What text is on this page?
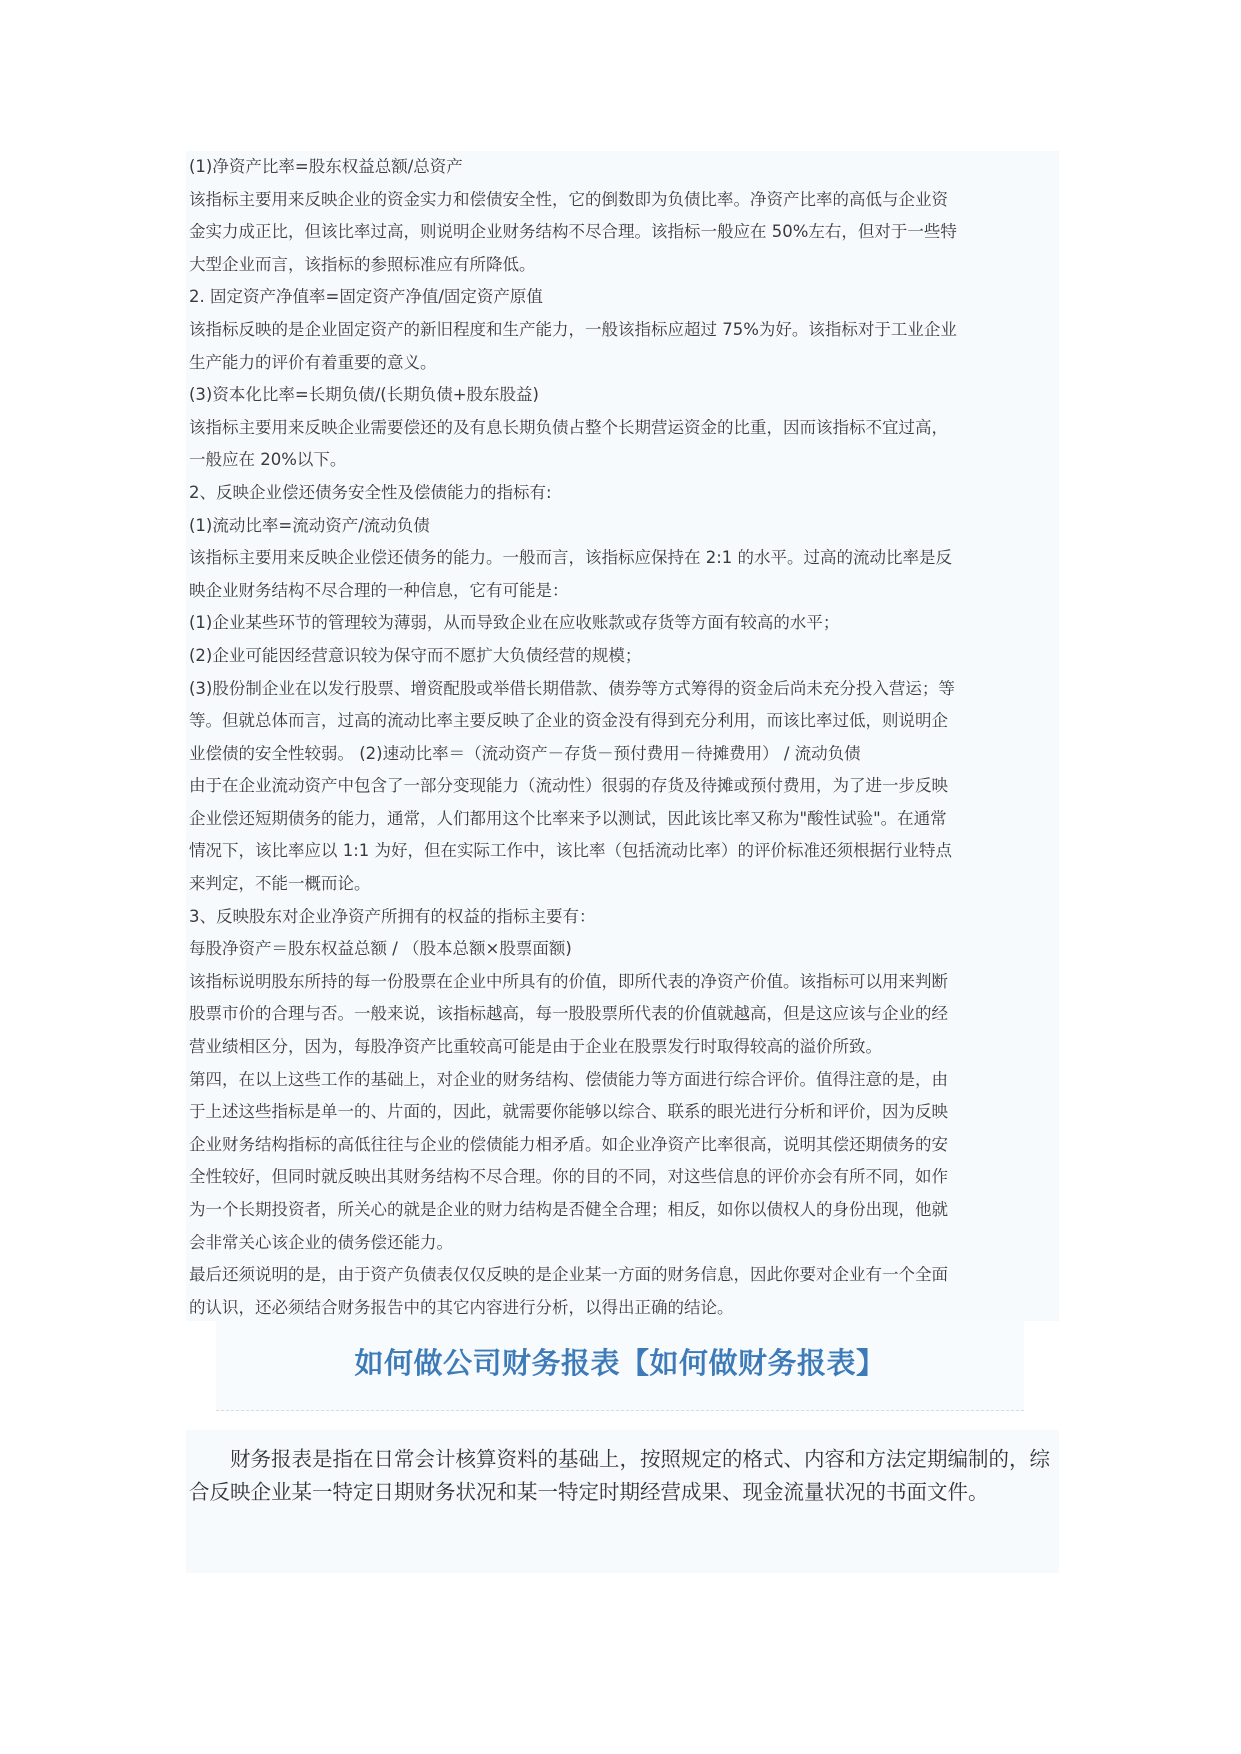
(1)净资产比率=股东权益总额/总资产

该指标主要用来反映企业的资金实力和偿债安全性，它的倒数即为负债比率。净资产比率的高低与企业资

金实力成正比，但该比率过高，则说明企业财务结构不尽合理。该指标一般应在 50%左右，但对于一些特

大型企业而言，该指标的参照标准应有所降低。

2. 固定资产净值率=固定资产净值/固定资产原值

该指标反映的是企业固定资产的新旧程度和生产能力，一般该指标应超过 75%为好。该指标对于工业企业

生产能力的评价有着重要的意义。

(3)资本化比率=长期负债/(长期负债+股东股益)

该指标主要用来反映企业需要偿还的及有息长期负债占整个长期营运资金的比重，因而该指标不宜过高，

一般应在 20%以下。

2、反映企业偿还债务安全性及偿债能力的指标有:

(1)流动比率=流动资产/流动负债

该指标主要用来反映企业偿还债务的能力。一般而言，该指标应保持在 2:1 的水平。过高的流动比率是反

映企业财务结构不尽合理的一种信息，它有可能是：

(1)企业某些环节的管理较为薄弱，从而导致企业在应收账款或存货等方面有较高的水平；

(2)企业可能因经营意识较为保守而不愿扩大负债经营的规模；

(3)股份制企业在以发行股票、增资配股或举借长期借款、债券等方式筹得的资金后尚未充分投入营运；等

等。但就总体而言，过高的流动比率主要反映了企业的资金没有得到充分利用，而该比率过低，则说明企

业偿债的安全性较弱。 (2)速动比率＝（流动资产－存货－预付费用－待摊费用） / 流动负债

由于在企业流动资产中包含了一部分变现能力（流动性）很弱的存货及待摊或预付费用，为了进一步反映

企业偿还短期债务的能力，通常，人们都用这个比率来予以测试，因此该比率又称为"酸性试验"。在通常

情况下，该比率应以 1:1 为好，但在实际工作中，该比率（包括流动比率）的评价标准还须根据行业特点

来判定，不能一概而论。

3、反映股东对企业净资产所拥有的权益的指标主要有：

每股净资产＝股东权益总额 / （股本总额×股票面额)

该指标说明股东所持的每一份股票在企业中所具有的价值，即所代表的净资产价值。该指标可以用来判断

股票市价的合理与否。一般来说，该指标越高，每一股股票所代表的价值就越高，但是这应该与企业的经

营业绩相区分，因为，每股净资产比重较高可能是由于企业在股票发行时取得较高的溢价所致。

第四，在以上这些工作的基础上，对企业的财务结构、偿债能力等方面进行综合评价。值得注意的是，由

于上述这些指标是单一的、片面的，因此，就需要你能够以综合、联系的眼光进行分析和评价，因为反映

企业财务结构指标的高低往往与企业的偿债能力相矛盾。如企业净资产比率很高，说明其偿还期债务的安

全性较好，但同时就反映出其财务结构不尽合理。你的目的不同，对这些信息的评价亦会有所不同，如作

为一个长期投资者，所关心的就是企业的财力结构是否健全合理；相反，如你以债权人的身份出现，他就

会非常关心该企业的债务偿还能力。

最后还须说明的是，由于资产负债表仅仅反映的是企业某一方面的财务信息，因此你要对企业有一个全面

的认识，还必须结合财务报告中的其它内容进行分析，以得出正确的结论。

如何做公司财务报表【如何做财务报表】

财务报表是指在日常会计核算资料的基础上，按照规定的格式、内容和方法定期编制的，综合反映企业某一特定日期财务状况和某一特定时期经营成果、现金流量状况的书面文件。
